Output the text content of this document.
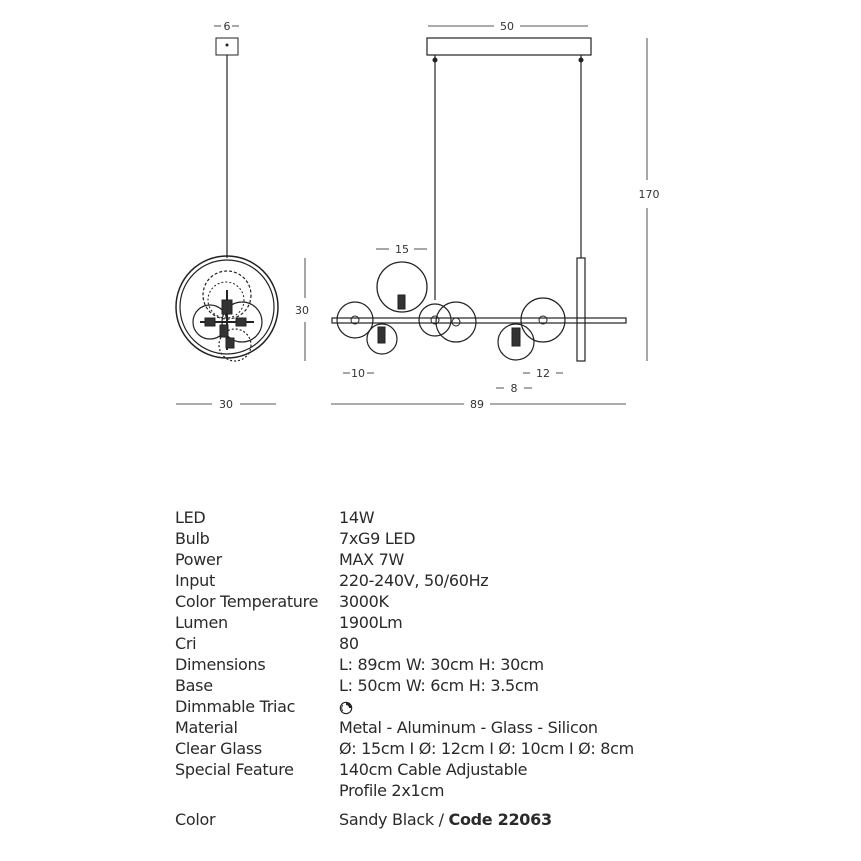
6
30
50
170
15
30
10	12
8
89
LED	14W
Bulb	7xG9 LED
Power	MAX 7W
Input	220-240V, 50/60Hz
Color Temperature	3000K
Lumen	1900Lm
Cri	80
Dimensions	L: 89cm W: 30cm H: 30cm
Base	L: 50cm W: 6cm H: 3.5cm
Dimmable Triac
Material	Metal - Aluminum - Glass - Silicon
Clear Glass	Ø: 15cm I Ø: 12cm I Ø: 10cm I Ø: 8cm
Special Feature	140cm Cable Adjustable
Profile 2x1cm
Color	Sandy Black / Code 22063
